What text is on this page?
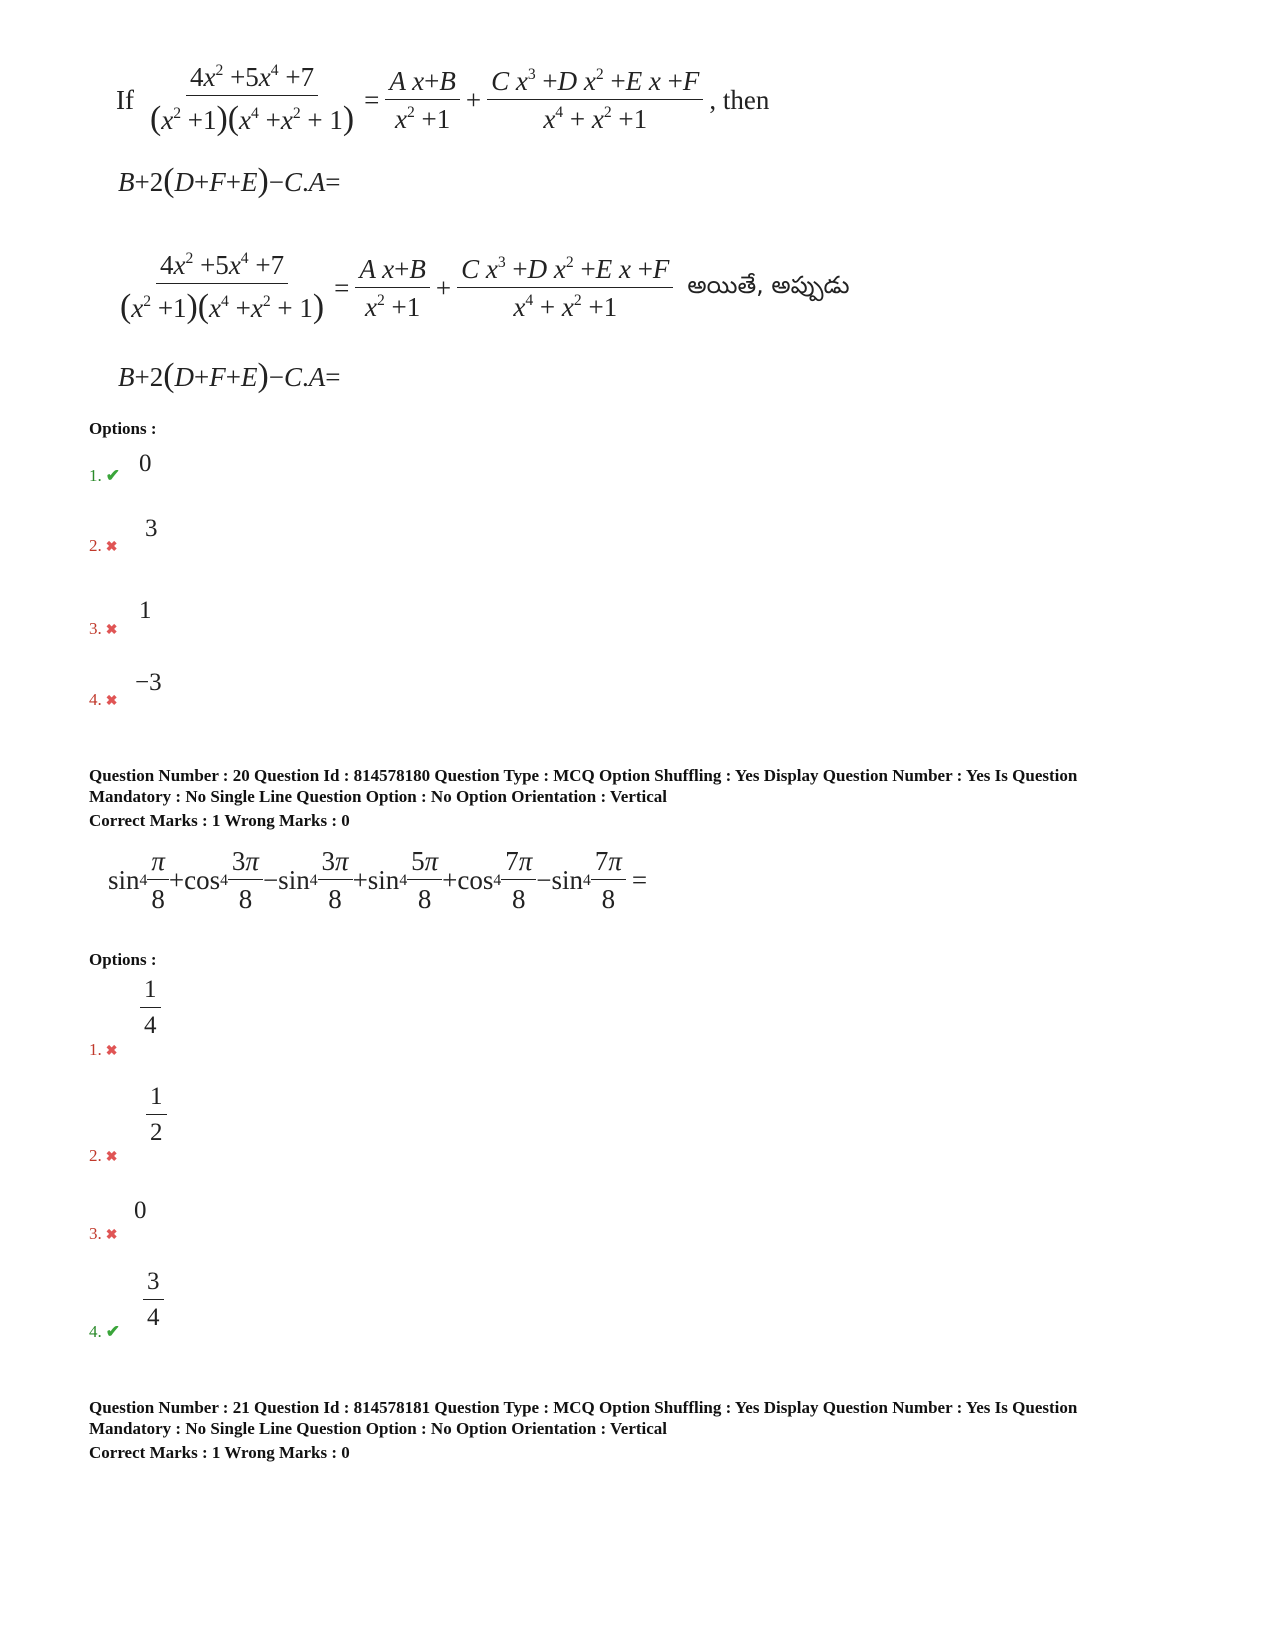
If $\frac{4x^2 +5x^4 +7}{(x^2 +1)(x^4 +x^2 + 1)} = \frac{\text{A x+B}}{x^2 +1} + \frac{C x^3 +D x^2 +E x +F}{x^4 + x^2 +1}$ , then
B+2(D+F+E)−C.A=
$\frac{4x^2 +5x^4 +7}{(x^2 +1)(x^4 +x^2 + 1)} = \frac{\text{A x+B}}{x^2 +1} + \frac{C x^3 +D x^2 +E x +F}{x^4 + x^2 +1}$ అయితే, అప్పుడు
B+2(D+F+E)−C.A=
Options :
1. ✔ 0
2. ✖
3
3. ✖
1
4. ✖
−3
Question Number : 20 Question Id : 814578180 Question Type : MCQ Option Shuffling : Yes Display Question Number : Yes Is Question
Mandatory : No Single Line Question Option : No Option Orientation : Vertical
Correct Marks : 1 Wrong Marks : 0
$\sin 4 \frac{\pi}{8} +\cos$ $4 \frac{3\pi}{8} -\sin$ $4 \frac{3\pi}{8} +\sin$ $4 \frac{5\pi}{8} +\cos$ $4 \frac{7\pi}{8} -\sin$ $4 \frac{7\pi}{8}$ =
Options :
1. ✖
$\frac{1}{4}$
2. ✖
$\frac{1}{2}$
3. ✖
0
4. ✔ $\frac{3}{4}$
Question Number : 21 Question Id : 814578181 Question Type : MCQ Option Shuffling : Yes Display Question Number : Yes Is Question
Mandatory : No Single Line Question Option : No Option Orientation : Vertical
Correct Marks : 1 Wrong Marks : 0
